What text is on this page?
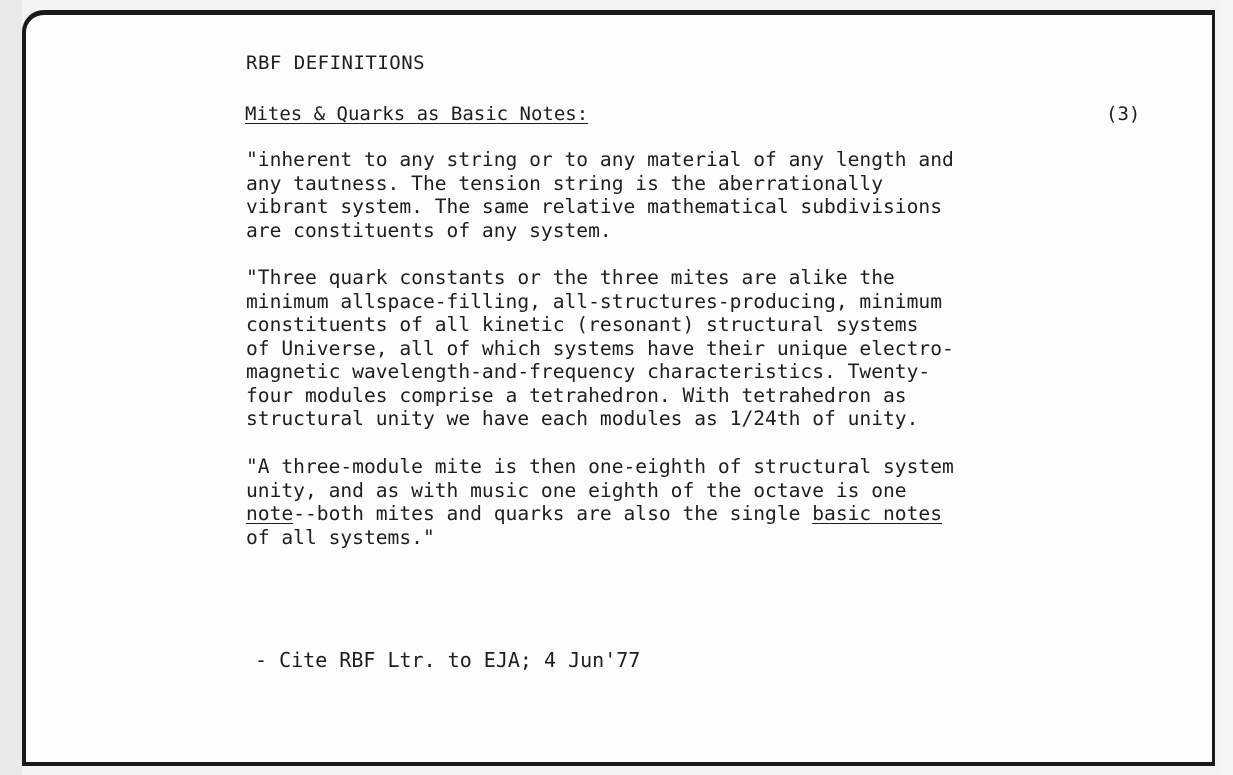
RBF DEFINITIONS
Mites & Quarks as Basic Notes:	(3)
"inherent to any string or to any material of any length and
any tautness. The tension string is the aberrationally
vibrant system. The same relative mathematical subdivisions
are constituents of any system.
"Three quark constants or the three mites are alike the
minimum allspace-filling, all-structures-producing, minimum
constituents of all kinetic (resonant) structural systems
of Universe, all of which systems have their unique electro-
magnetic wavelength-and-frequency characteristics. Twenty-
four modules comprise a tetrahedron. With tetrahedron as
structural unity we have each modules as 1/24th of unity.
"A three-module mite is then one-eighth of structural system
unity, and as with music one eighth of the octave is one
note--both mites and quarks are also the single basic notes
of all systems."
- Cite RBF Ltr. to EJA; 4 Jun'77
